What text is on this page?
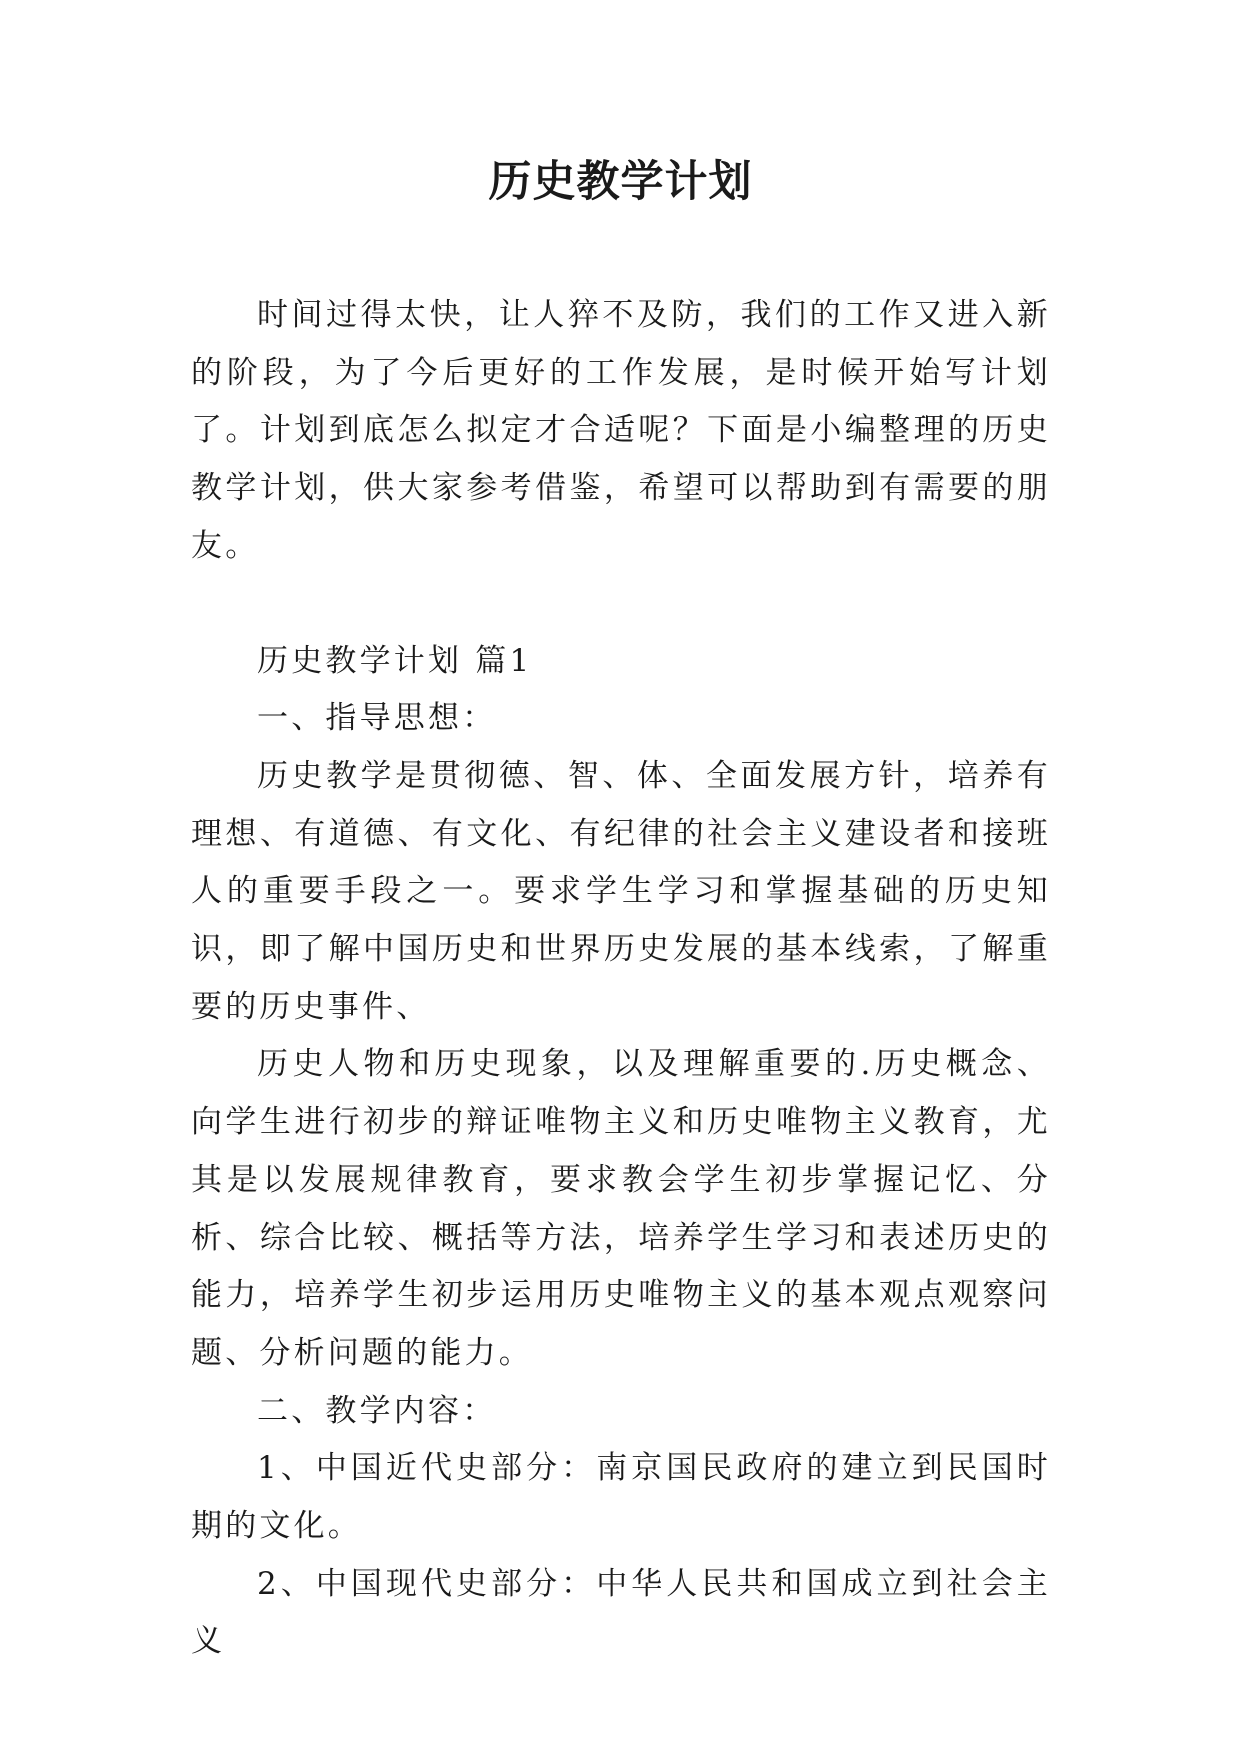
历史教学计划

时间过得太快，让人猝不及防，我们的工作又进入新的阶段，为了今后更好的工作发展，是时候开始写计划了。计划到底怎么拟定才合适呢？下面是小编整理的历史教学计划，供大家参考借鉴，希望可以帮助到有需要的朋友。

历史教学计划 篇1

一、指导思想：

历史教学是贯彻德、智、体、全面发展方针，培养有理想、有道德、有文化、有纪律的社会主义建设者和接班人的重要手段之一。要求学生学习和掌握基础的历史知识，即了解中国历史和世界历史发展的基本线索，了解重要的历史事件、

历史人物和历史现象，以及理解重要的.历史概念、向学生进行初步的辩证唯物主义和历史唯物主义教育，尤其是以发展规律教育，要求教会学生初步掌握记忆、分析、综合比较、概括等方法，培养学生学习和表述历史的能力，培养学生初步运用历史唯物主义的基本观点观察问题、分析问题的能力。

二、教学内容：

1、中国近代史部分：南京国民政府的建立到民国时期的文化。

2、中国现代史部分：中华人民共和国成立到社会主义
